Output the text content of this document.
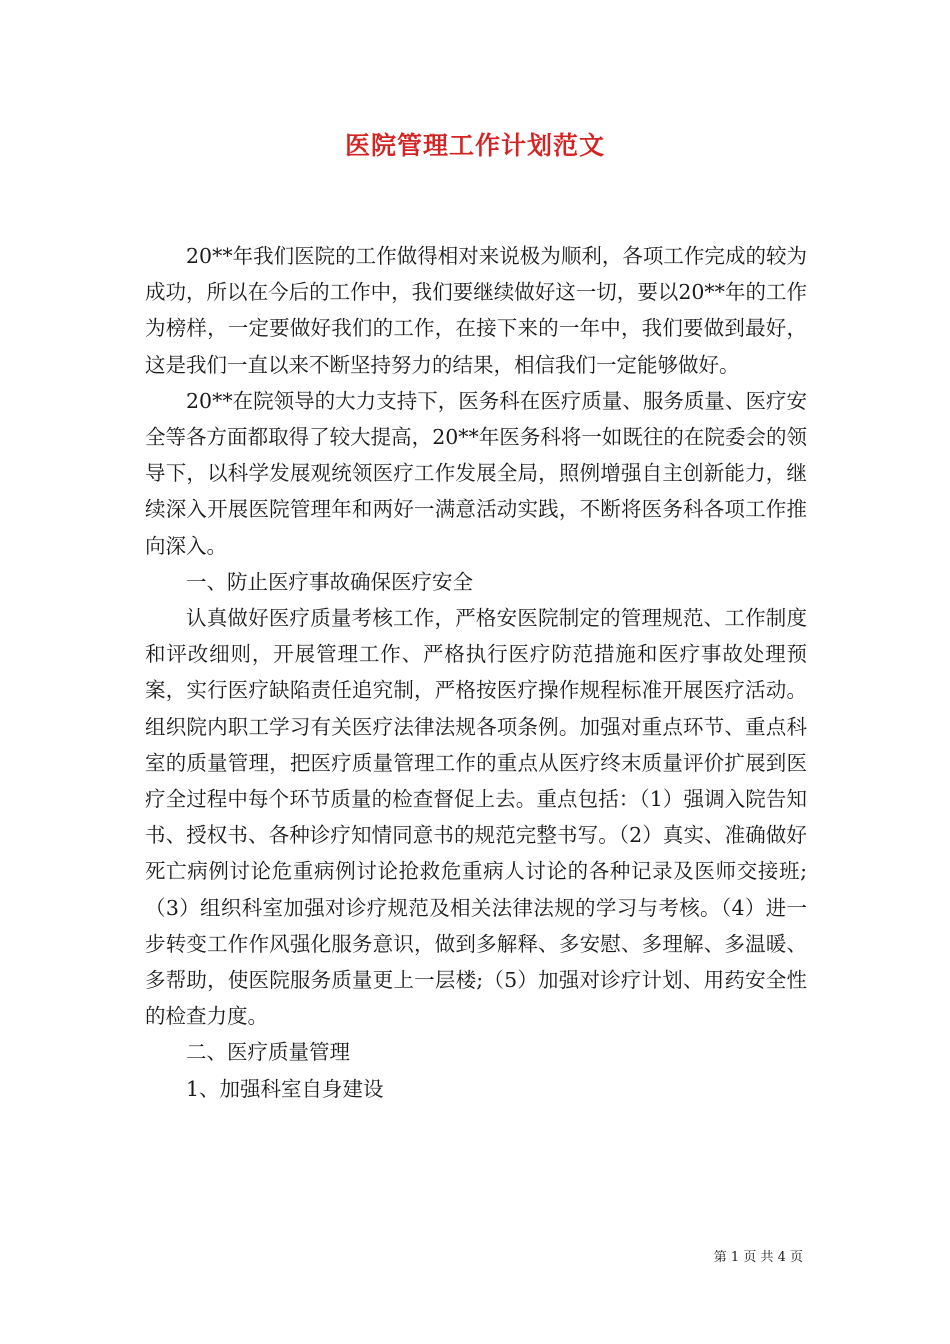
医院管理工作计划范文

20**年我们医院的工作做得相对来说极为顺利，各项工作完成的较为成功，所以在今后的工作中，我们要继续做好这一切，要以20**年的工作为榜样，一定要做好我们的工作，在接下来的一年中，我们要做到最好，这是我们一直以来不断坚持努力的结果，相信我们一定能够做好。

20**在院领导的大力支持下，医务科在医疗质量、服务质量、医疗安全等各方面都取得了较大提高，20**年医务科将一如既往的在院委会的领导下，以科学发展观统领医疗工作发展全局，照例增强自主创新能力，继续深入开展医院管理年和两好一满意活动实践，不断将医务科各项工作推向深入。

一、防止医疗事故确保医疗安全

认真做好医疗质量考核工作，严格安医院制定的管理规范、工作制度和评改细则，开展管理工作、严格执行医疗防范措施和医疗事故处理预案，实行医疗缺陷责任追究制，严格按医疗操作规程标准开展医疗活动。组织院内职工学习有关医疗法律法规各项条例。加强对重点环节、重点科室的质量管理，把医疗质量管理工作的重点从医疗终末质量评价扩展到医疗全过程中每个环节质量的检查督促上去。重点包括：（1）强调入院告知书、授权书、各种诊疗知情同意书的规范完整书写。（2）真实、准确做好死亡病例讨论危重病例讨论抢救危重病人讨论的各种记录及医师交接班;（3）组织科室加强对诊疗规范及相关法律法规的学习与考核。（4）进一步转变工作作风强化服务意识，做到多解释、多安慰、多理解、多温暖、多帮助，使医院服务质量更上一层楼;（5）加强对诊疗计划、用药安全性的检查力度。

二、医疗质量管理

1、加强科室自身建设

第 1 页 共 4 页
